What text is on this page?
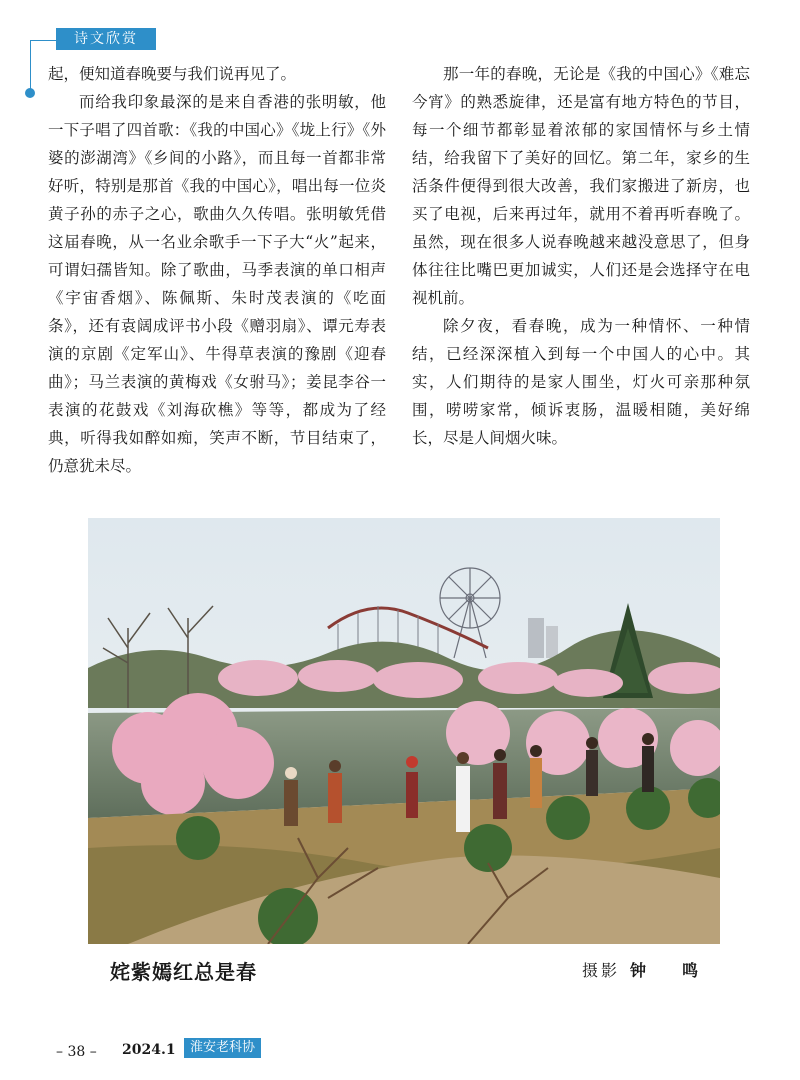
诗文欣赏

起，便知道春晚要与我们说再见了。

而给我印象最深的是来自香港的张明敏，他一下子唱了四首歌：《我的中国心》《垅上行》《外婆的澎湖湾》《乡间的小路》，而且每一首都非常好听，特别是那首《我的中国心》，唱出每一位炎黄子孙的赤子之心，歌曲久久传唱。张明敏凭借这届春晚，从一名业余歌手一下子大“火”起来，可谓妇孺皆知。除了歌曲，马季表演的单口相声《宇宙香烟》、陈佩斯、朱时茂表演的《吃面条》，还有袁阔成评书小段《赠羽扇》、谭元寿表演的京剧《定军山》、牛得草表演的豫剧《迎春曲》；马兰表演的黄梅戏《女驸马》；姜昆李谷一表演的花鼓戏《刘海砍樵》等等，都成为了经典，听得我如醉如痴，笑声不断，节目结束了，仍意犹未尽。

那一年的春晚，无论是《我的中国心》《难忘今宵》的熟悉旋律，还是富有地方特色的节目，每一个细节都彰显着浓郁的家国情怀与乡土情结，给我留下了美好的回忆。第二年，家乡的生活条件便得到很大改善，我们家搬进了新房，也买了电视，后来再过年，就用不着再听春晚了。虽然，现在很多人说春晚越来越没意思了，但身体往往比嘴巴更加诚实，人们还是会选择守在电视机前。

除夕夜，看春晚，成为一种情怀、一种情结，已经深深植入到每一个中国人的心中。其实，人们期待的是家人围坐，灯火可亲那种氛围，唠唠家常，倾诉衷肠，温暖相随，美好绵长，尽是人间烟火味。

姹紫嫣红总是春	摄影 钟　鸣
– 38 – 2024.1	淮安老科协
